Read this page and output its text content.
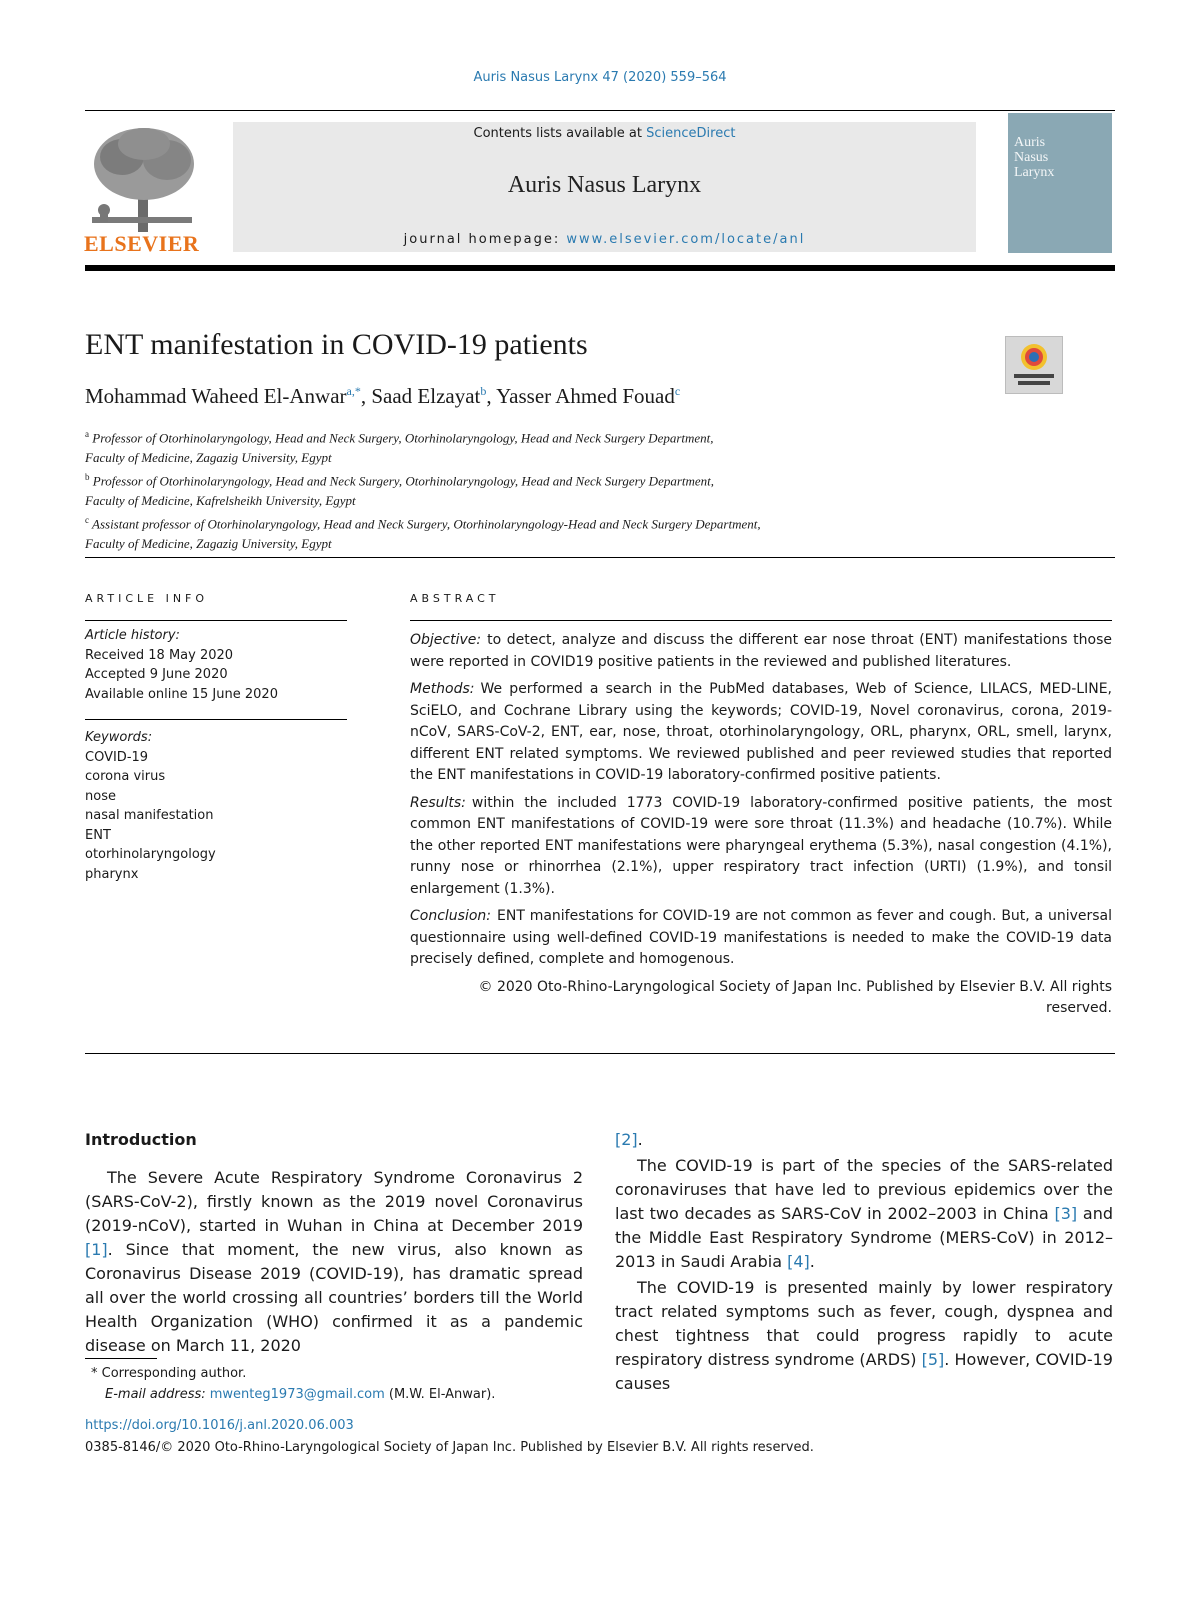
Auris Nasus Larynx 47 (2020) 559–564
ELSEVIER
Contents lists available at ScienceDirect
Auris Nasus Larynx
journal homepage: www.elsevier.com/locate/anl
Auris
Nasus
Larynx
ENT manifestation in COVID-19 patients
Mohammad Waheed El-Anwar$^{a,*}$, Saad Elzayat$^b$, Yasser Ahmed Fouad$^c$

$^a$ Professor of Otorhinolaryngology, Head and Neck Surgery, Otorhinolaryngology, Head and Neck Surgery Department,

Faculty of Medicine, Zagazig University, Egypt

$^b$ Professor of Otorhinolaryngology, Head and Neck Surgery, Otorhinolaryngology, Head and Neck Surgery Department,

Faculty of Medicine, Kafrelsheikh University, Egypt

$^c$ Assistant professor of Otorhinolaryngology, Head and Neck Surgery, Otorhinolaryngology-Head and Neck Surgery Department,

Faculty of Medicine, Zagazig University, Egypt

ARTICLE INFO

Article history:

Received 18 May 2020

Accepted 9 June 2020

Available online 15 June 2020

Keywords:

COVID-19

corona virus

nose

nasal manifestation

ENT

otorhinolaryngology

pharynx

ABSTRACT

Objective: to detect, analyze and discuss the different ear nose throat (ENT) manifestations those were reported in COVID19 positive patients in the reviewed and published literatures.

Methods: We performed a search in the PubMed databases, Web of Science, LILACS, MED-LINE, SciELO, and Cochrane Library using the keywords; COVID-19, Novel coronavirus, corona, 2019-nCoV, SARS-CoV-2, ENT, ear, nose, throat, otorhinolaryngology, ORL, pharynx, ORL, smell, larynx, different ENT related symptoms. We reviewed published and peer reviewed studies that reported the ENT manifestations in COVID-19 laboratory-confirmed positive patients.

Results: within the included 1773 COVID-19 laboratory-confirmed positive patients, the most common ENT manifestations of COVID-19 were sore throat (11.3%) and headache (10.7%). While the other reported ENT manifestations were pharyngeal erythema (5.3%), nasal congestion (4.1%), runny nose or rhinorrhea (2.1%), upper respiratory tract infection (URTI) (1.9%), and tonsil enlargement (1.3%).

Conclusion: ENT manifestations for COVID-19 are not common as fever and cough. But, a universal questionnaire using well-defined COVID-19 manifestations is needed to make the COVID-19 data precisely defined, complete and homogenous.

© 2020 Oto-Rhino-Laryngological Society of Japan Inc. Published by Elsevier B.V. All rights reserved.

Introduction

The Severe Acute Respiratory Syndrome Coronavirus 2 (SARS-CoV-2), firstly known as the 2019 novel Coronavirus (2019-nCoV), started in Wuhan in China at December 2019 [1]. Since that moment, the new virus, also known as Coronavirus Disease 2019 (COVID-19), has dramatic spread all over the world crossing all countries’ borders till the World Health Organization (WHO) confirmed it as a pandemic disease on March 11, 2020

[2].

The COVID-19 is part of the species of the SARS-related coronaviruses that have led to previous epidemics over the last two decades as SARS-CoV in 2002–2003 in China [3] and the Middle East Respiratory Syndrome (MERS-CoV) in 2012–2013 in Saudi Arabia [4].

The COVID-19 is presented mainly by lower respiratory tract related symptoms such as fever, cough, dyspnea and chest tightness that could progress rapidly to acute respiratory distress syndrome (ARDS) [5]. However, COVID-19 causes

* Corresponding author.

E-mail address: mwenteg1973@gmail.com (M.W. El-Anwar).

https://doi.org/10.1016/j.anl.2020.06.003
0385-8146/© 2020 Oto-Rhino-Laryngological Society of Japan Inc. Published by Elsevier B.V. All rights reserved.
